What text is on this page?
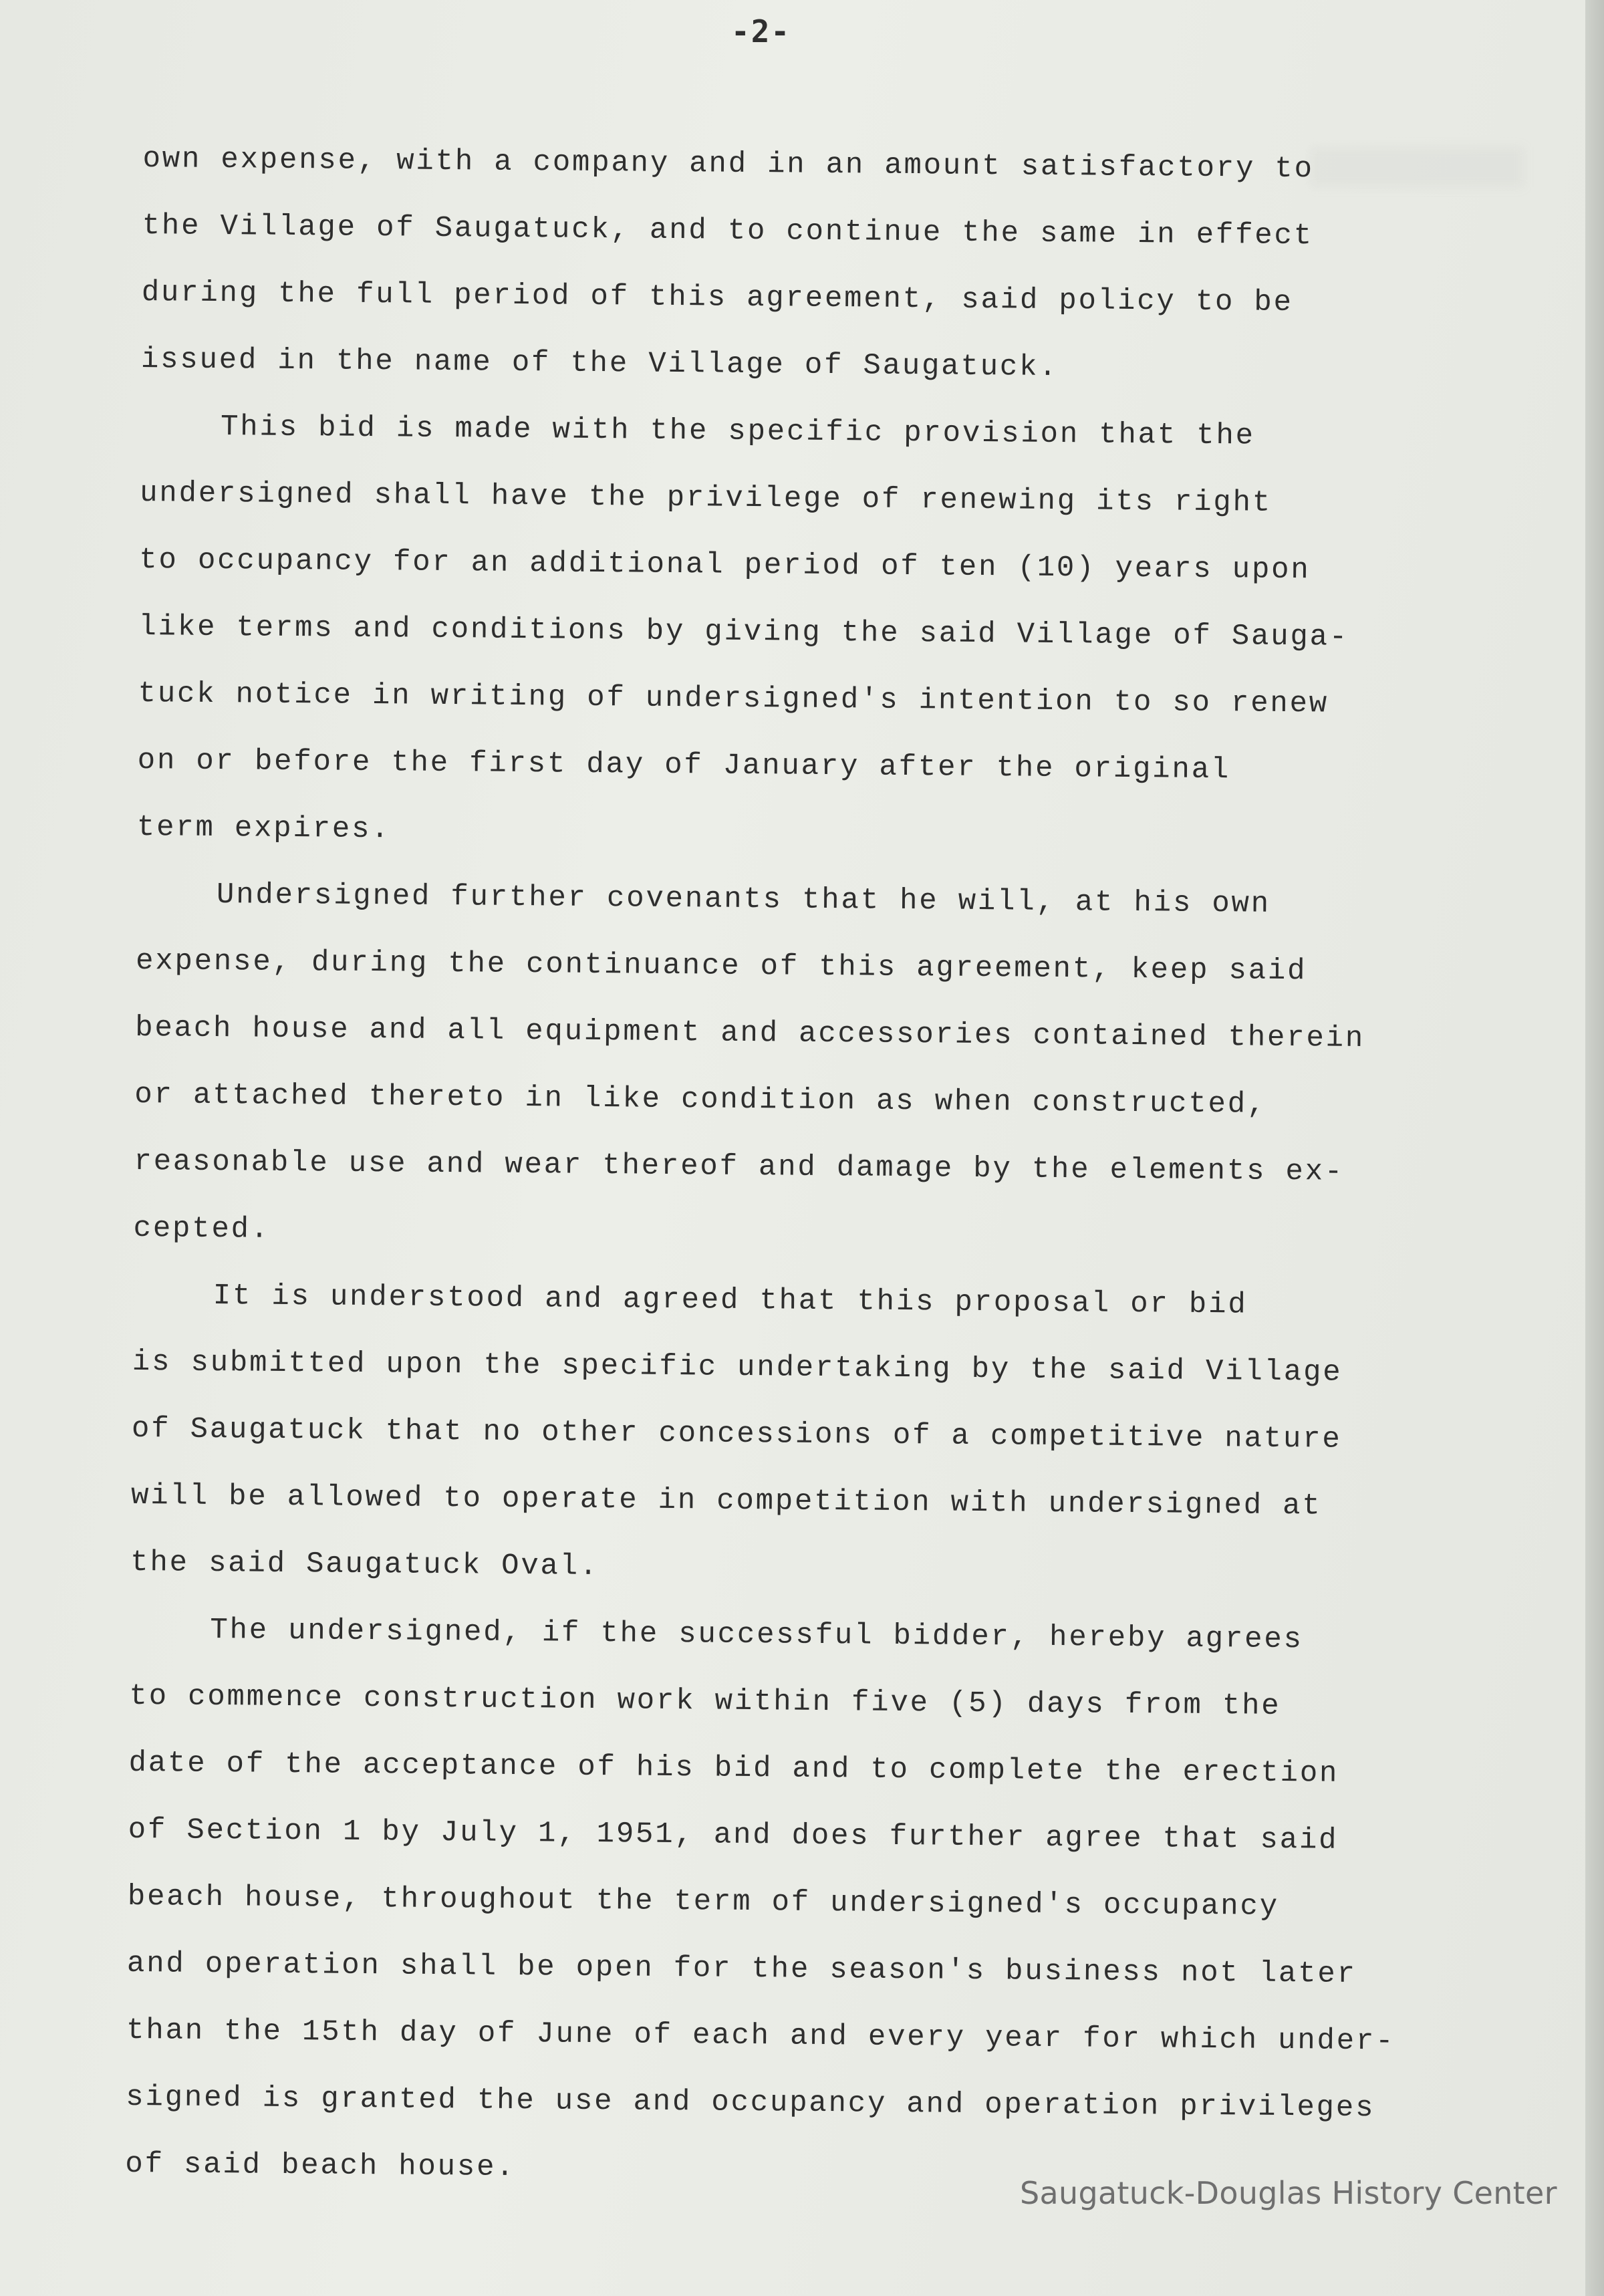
-2-
own expense, with a company and in an amount satisfactory to
the Village of Saugatuck, and to continue the same in effect
during the full period of this agreement, said policy to be
issued in the name of the Village of Saugatuck.
This bid is made with the specific provision that the
undersigned shall have the privilege of renewing its right
to occupancy for an additional period of ten (10) years upon
like terms and conditions by giving the said Village of Sauga-
tuck notice in writing of undersigned's intention to so renew
on or before the first day of January after the original
term expires.
Undersigned further covenants that he will, at his own
expense, during the continuance of this agreement, keep said
beach house and all equipment and accessories contained therein
or attached thereto in like condition as when constructed,
reasonable use and wear thereof and damage by the elements ex-
cepted.
It is understood and agreed that this proposal or bid
is submitted upon the specific undertaking by the said Village
of Saugatuck that no other concessions of a competitive nature
will be allowed to operate in competition with undersigned at
the said Saugatuck Oval.
The undersigned, if the successful bidder, hereby agrees
to commence construction work within five (5) days from the
date of the acceptance of his bid and to complete the erection
of Section 1 by July 1, 1951, and does further agree that said
beach house, throughout the term of undersigned's occupancy
and operation shall be open for the season's business not later
than the 15th day of June of each and every year for which under-
signed is granted the use and occupancy and operation privileges
of said beach house.
Saugatuck-Douglas History Center
